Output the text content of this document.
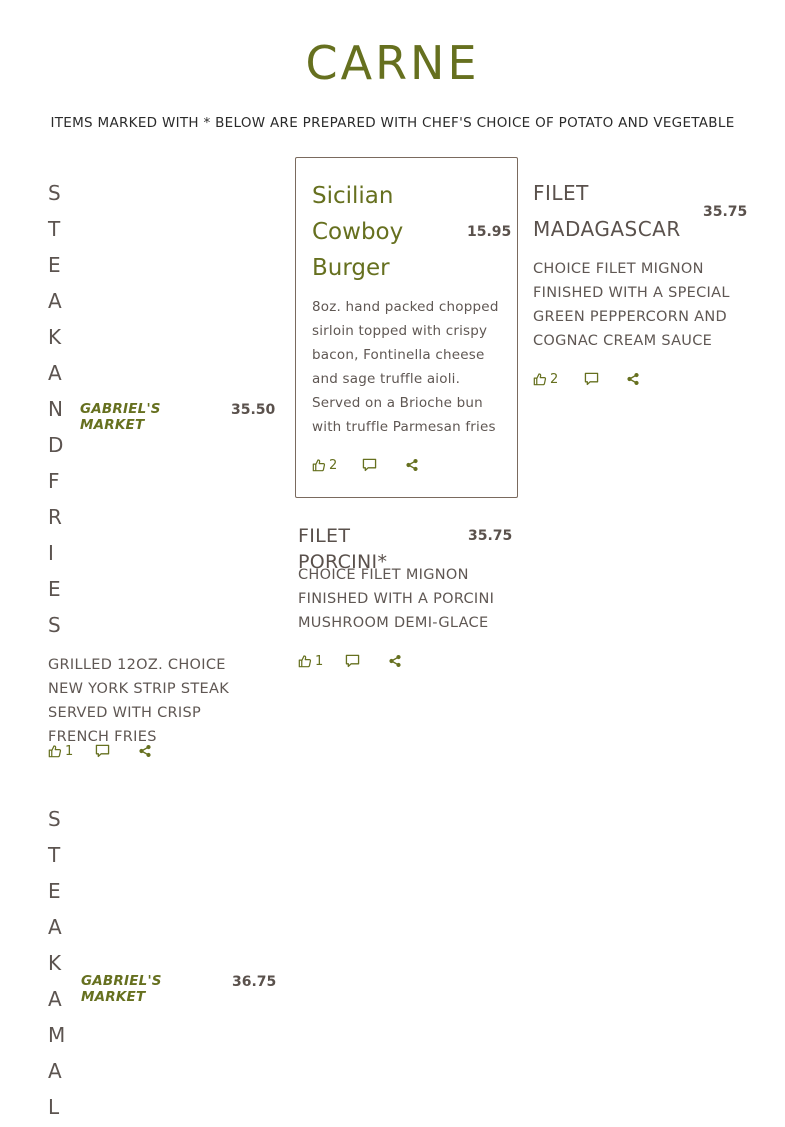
CARNE
ITEMS MARKED WITH * BELOW ARE PREPARED WITH CHEF'S CHOICE OF POTATO AND VEGETABLE
S
T
E
A
K
A
N
D
F
R
I
E
S
GABRIEL'S MARKET
35.50
GRILLED 12OZ. CHOICE NEW YORK STRIP STEAK SERVED WITH CRISP FRENCH FRIES
1
Sicilian
Cowboy
Burger
15.95
8oz. hand packed chopped sirloin topped with crispy bacon, Fontinella cheese and sage truffle aioli. Served on a Brioche bun with truffle Parmesan fries
2
FILET
MADAGASCAR
35.75
CHOICE FILET MIGNON FINISHED WITH A SPECIAL GREEN PEPPERCORN AND COGNAC CREAM SAUCE
2
FILET PORCINI*
35.75
CHOICE FILET MIGNON FINISHED WITH A PORCINI MUSHROOM DEMI-GLACE
1
S
T
E
A
K
A
M
A
L
GABRIEL'S MARKET
36.75
